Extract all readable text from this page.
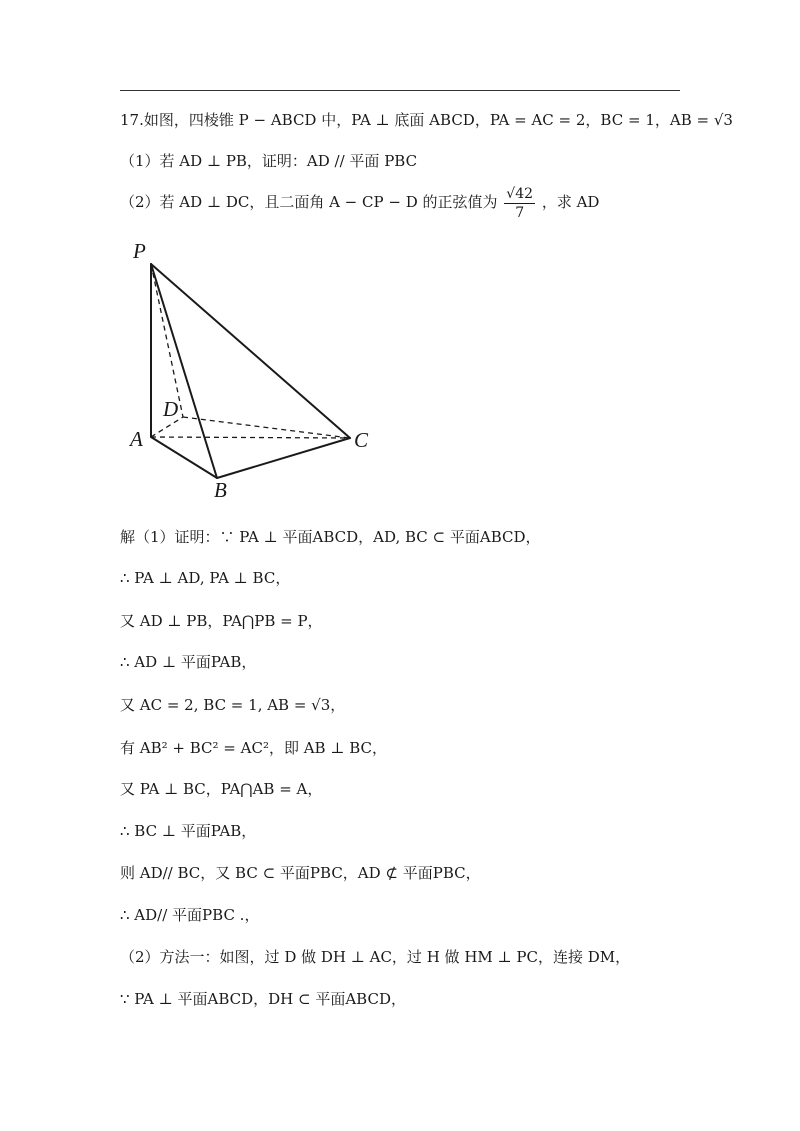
17.如图，四棱锥 P − ABCD 中，PA ⊥ 底面 ABCD，PA = AC = 2，BC = 1，AB = √3
（1）若 AD ⊥ PB，证明：AD // 平面 PBC
（2）若 AD ⊥ DC，且二面角 A − CP − D 的正弦值为 $\frac{√42}{7}$ ，求 AD
P
A
B
C
D
解（1）证明：∵ PA ⊥ 平面ABCD，AD, BC ⊂ 平面ABCD，
∴ PA ⊥ AD, PA ⊥ BC，
又 AD ⊥ PB，PA⋂PB = P，
∴ AD ⊥ 平面PAB，
又 AC = 2, BC = 1, AB = √3，
有 AB² + BC² = AC²，即 AB ⊥ BC，
又 PA ⊥ BC，PA⋂AB = A，
∴ BC ⊥ 平面PAB，
则 AD// BC，又 BC ⊂ 平面PBC，AD ⊄ 平面PBC，
∴ AD// 平面PBC .，
（2）方法一：如图，过 D 做 DH ⊥ AC，过 H 做 HM ⊥ PC，连接 DM，
∵ PA ⊥ 平面ABCD，DH ⊂ 平面ABCD，
